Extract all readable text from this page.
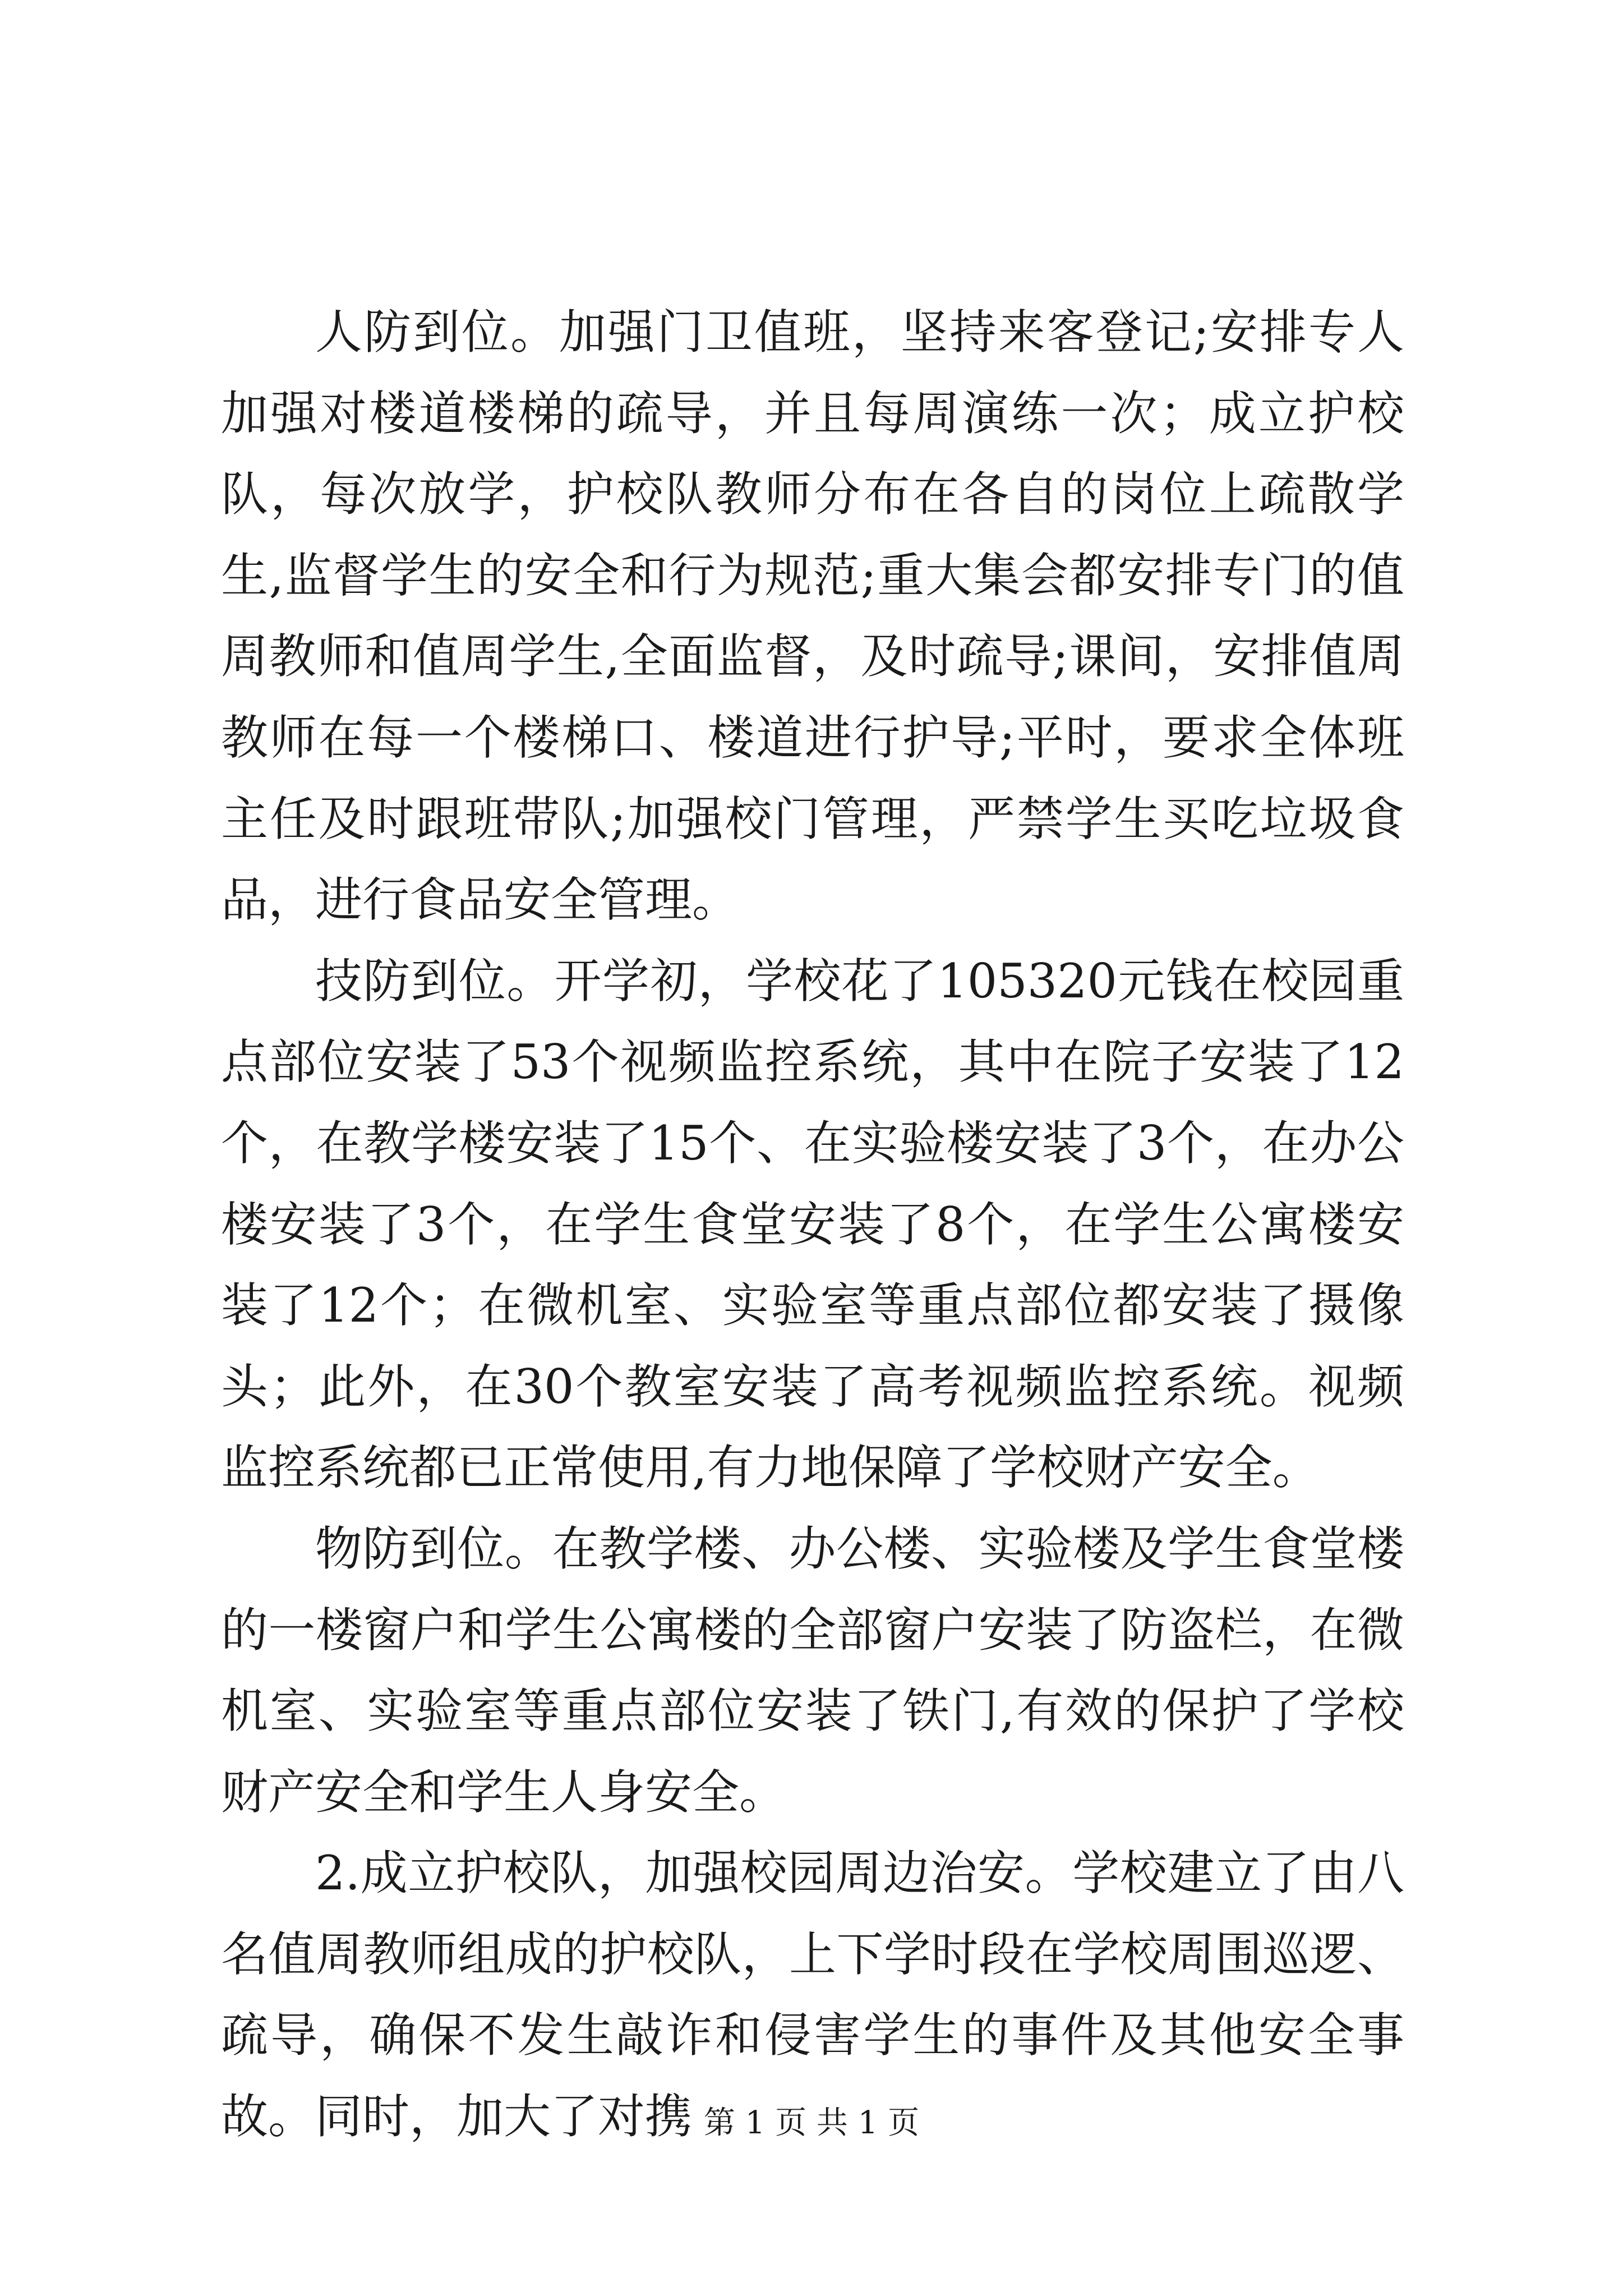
人防到位。加强门卫值班，坚持来客登记;安排专人加强对楼道楼梯的疏导，并且每周演练一次；成立护校队，每次放学，护校队教师分布在各自的岗位上疏散学生,监督学生的安全和行为规范;重大集会都安排专门的值周教师和值周学生,全面监督，及时疏导;课间，安排值周教师在每一个楼梯口、楼道进行护导;平时，要求全体班主任及时跟班带队;加强校门管理，严禁学生买吃垃圾食品，进行食品安全管理。

技防到位。开学初，学校花了105320元钱在校园重点部位安装了53个视频监控系统，其中在院子安装了12个，在教学楼安装了15个、在实验楼安装了3个，在办公楼安装了3个，在学生食堂安装了8个，在学生公寓楼安装了12个；在微机室、实验室等重点部位都安装了摄像头；此外，在30个教室安装了高考视频监控系统。视频监控系统都已正常使用,有力地保障了学校财产安全。

物防到位。在教学楼、办公楼、实验楼及学生食堂楼的一楼窗户和学生公寓楼的全部窗户安装了防盗栏，在微机室、实验室等重点部位安装了铁门,有效的保护了学校财产安全和学生人身安全。

2.成立护校队，加强校园周边治安。学校建立了由八名值周教师组成的护校队，上下学时段在学校周围巡逻、疏导，确保不发生敲诈和侵害学生的事件及其他安全事故。同时，加大了对携 第 1 页 共 1 页
